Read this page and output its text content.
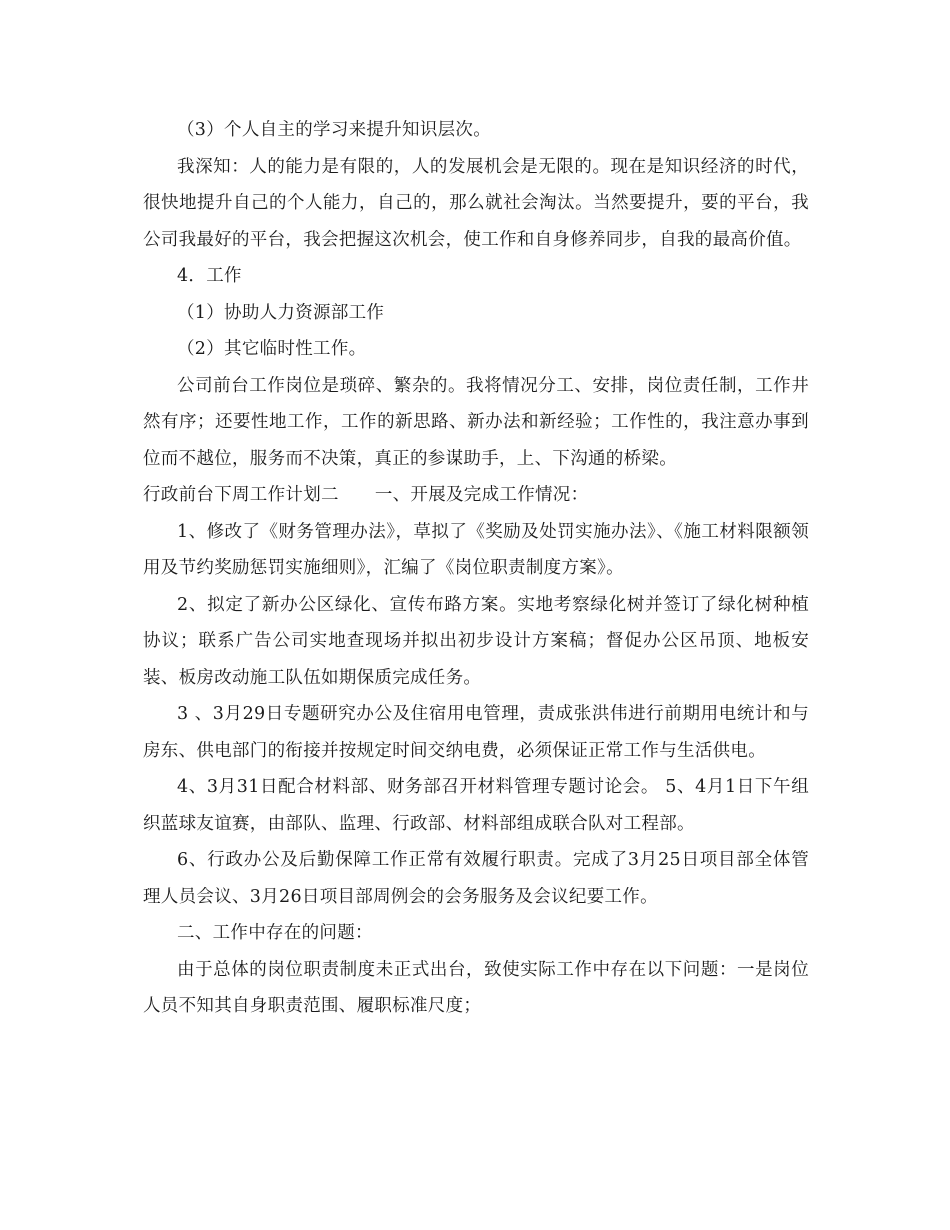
（3）个人自主的学习来提升知识层次。

我深知：人的能力是有限的，人的发展机会是无限的。现在是知识经济的时代，很快地提升自己的个人能力，自己的，那么就社会淘汰。当然要提升，要的平台，我公司我最好的平台，我会把握这次机会，使工作和自身修养同步，自我的最高价值。

4．工作

（1）协助人力资源部工作

（2）其它临时性工作。

公司前台工作岗位是琐碎、繁杂的。我将情况分工、安排，岗位责任制，工作井然有序；还要性地工作，工作的新思路、新办法和新经验；工作性的，我注意办事到位而不越位，服务而不决策，真正的参谋助手，上、下沟通的桥梁。

行政前台下周工作计划二 一、开展及完成工作情况：

1、修改了《财务管理办法》，草拟了《奖励及处罚实施办法》、《施工材料限额领用及节约奖励惩罚实施细则》，汇编了《岗位职责制度方案》。

2、拟定了新办公区绿化、宣传布路方案。实地考察绿化树并签订了绿化树种植协议；联系广告公司实地查现场并拟出初步设计方案稿；督促办公区吊顶、地板安装、板房改动施工队伍如期保质完成任务。

3 、3月29日专题研究办公及住宿用电管理，责成张洪伟进行前期用电统计和与房东、供电部门的衔接并按规定时间交纳电费，必须保证正常工作与生活供电。

4、3月31日配合材料部、财务部召开材料管理专题讨论会。 5、4月1日下午组织蓝球友谊赛，由部队、监理、行政部、材料部组成联合队对工程部。

6、行政办公及后勤保障工作正常有效履行职责。完成了3月25日项目部全体管理人员会议、3月26日项目部周例会的会务服务及会议纪要工作。

二、工作中存在的问题：

由于总体的岗位职责制度未正式出台，致使实际工作中存在以下问题：一是岗位人员不知其自身职责范围、履职标准尺度；
